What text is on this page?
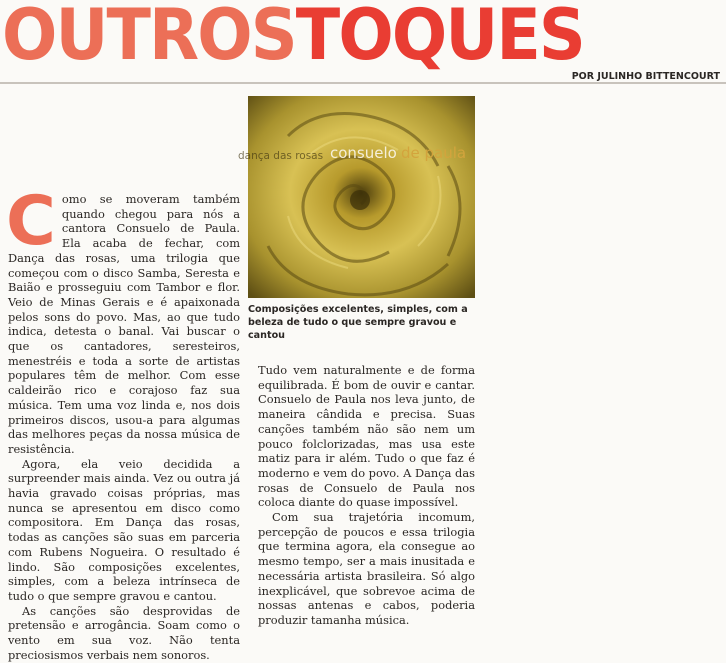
OUTROSTOQUES
POR JULINHO BITTENCOURT
dança das rosas consuelo de paula
Composições excelentes, simples, com a beleza de tudo o que sempre gravou e cantou
C omo se moveram também quando chegou para nós a cantora Consuelo de Paula. Ela acaba de fechar, com Dança das rosas, uma trilogia que começou com o disco Samba, Seresta e Baião e prosseguiu com Tambor e flor. Veio de Minas Gerais e é apaixonada pelos sons do povo. Mas, ao que tudo indica, detesta o banal. Vai buscar o que os cantadores, seresteiros, menestréis e toda a sorte de artistas populares têm de melhor. Com esse caldeirão rico e corajoso faz sua música. Tem uma voz linda e, nos dois primeiros discos, usou-a para algumas das melhores peças da nossa música de resistência.

Agora, ela veio decidida a surpreender mais ainda. Vez ou outra já havia gravado coisas próprias, mas nunca se apresentou em disco como compositora. Em Dança das rosas, todas as canções são suas em parceria com Rubens Nogueira. O resultado é lindo. São composições excelentes, simples, com a beleza intrínseca de tudo o que sempre gravou e cantou.

As canções são desprovidas de pretensão e arrogância. Soam como o vento em sua voz. Não tenta preciosismos verbais nem sonoros.

Tudo vem naturalmente e de forma equilibrada. É bom de ouvir e cantar. Consuelo de Paula nos leva junto, de maneira cândida e precisa. Suas canções também não são nem um pouco folclorizadas, mas usa este matiz para ir além. Tudo o que faz é moderno e vem do povo. A Dança das rosas de Consuelo de Paula nos coloca diante do quase impossível.

Com sua trajetória incomum, percepção de poucos e essa trilogia que termina agora, ela consegue ao mesmo tempo, ser a mais inusitada e necessária artista brasileira. Só algo inexplicável, que sobrevoe acima de nossas antenas e cabos, poderia produzir tamanha música.
